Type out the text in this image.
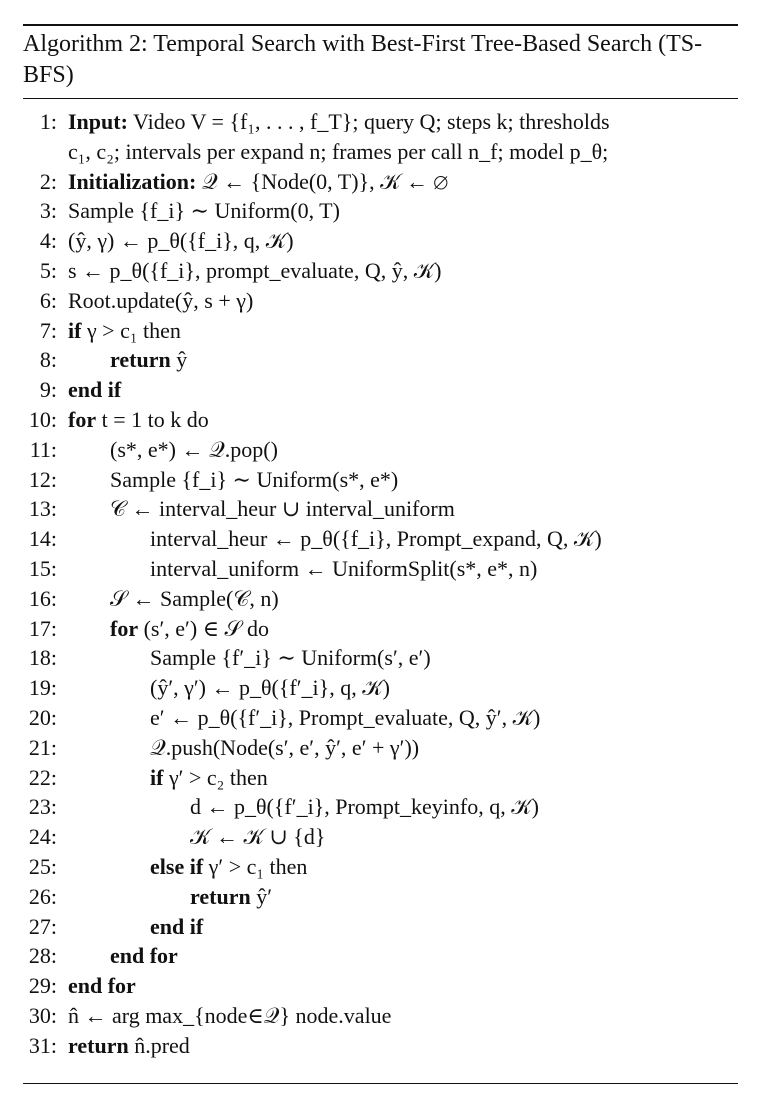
Algorithm 2: Temporal Search with Best-First Tree-Based Search (TS-BFS)
1: Input: Video V = {f₁, . . . , f_T}; query Q; steps k; thresholds
c₁, c₂; intervals per expand n; frames per call n_f; model p_θ;
2: Initialization: 𝒬 ← {Node(0, T)}, 𝒦 ← ∅
3: Sample {f_i} ∼ Uniform(0, T)
4: (ŷ, γ) ← p_θ({f_i}, q, 𝒦)
5: s ← p_θ({f_i}, prompt_evaluate, Q, ŷ, 𝒦)
6: Root.update(ŷ, s + γ)
7: if γ > c₁ then
8: return ŷ
9: end if
10: for t = 1 to k do
11: (s*, e*) ← 𝒬.pop()
12: Sample {f_i} ∼ Uniform(s*, e*)
13: 𝒞 ← interval_heur ∪ interval_uniform
14:	interval_heur ← p_θ({f_i}, Prompt_expand, Q, 𝒦)
15:	interval_uniform ← UniformSplit(s*, e*, n)
16: 𝒮 ← Sample(𝒞, n)
17: for (s′, e′) ∈ 𝒮 do
18:	Sample {f′_i} ∼ Uniform(s′, e′)
19:	(ŷ′, γ′) ← p_θ({f′_i}, q, 𝒦)
20:	e′ ← p_θ({f′_i}, Prompt_evaluate, Q, ŷ′, 𝒦)
21:	𝒬.push(Node(s′, e′, ŷ′, e′ + γ′))
22:	if γ′ > c₂ then
23:	d ← p_θ({f′_i}, Prompt_keyinfo, q, 𝒦)
24:	𝒦 ← 𝒦 ∪ {d}
25:	else if γ′ > c₁ then
26:	return ŷ′
27:	end if
28: end for
29: end for
30: n̂ ← arg max_{node∈𝒬} node.value
31: return n̂.pred
